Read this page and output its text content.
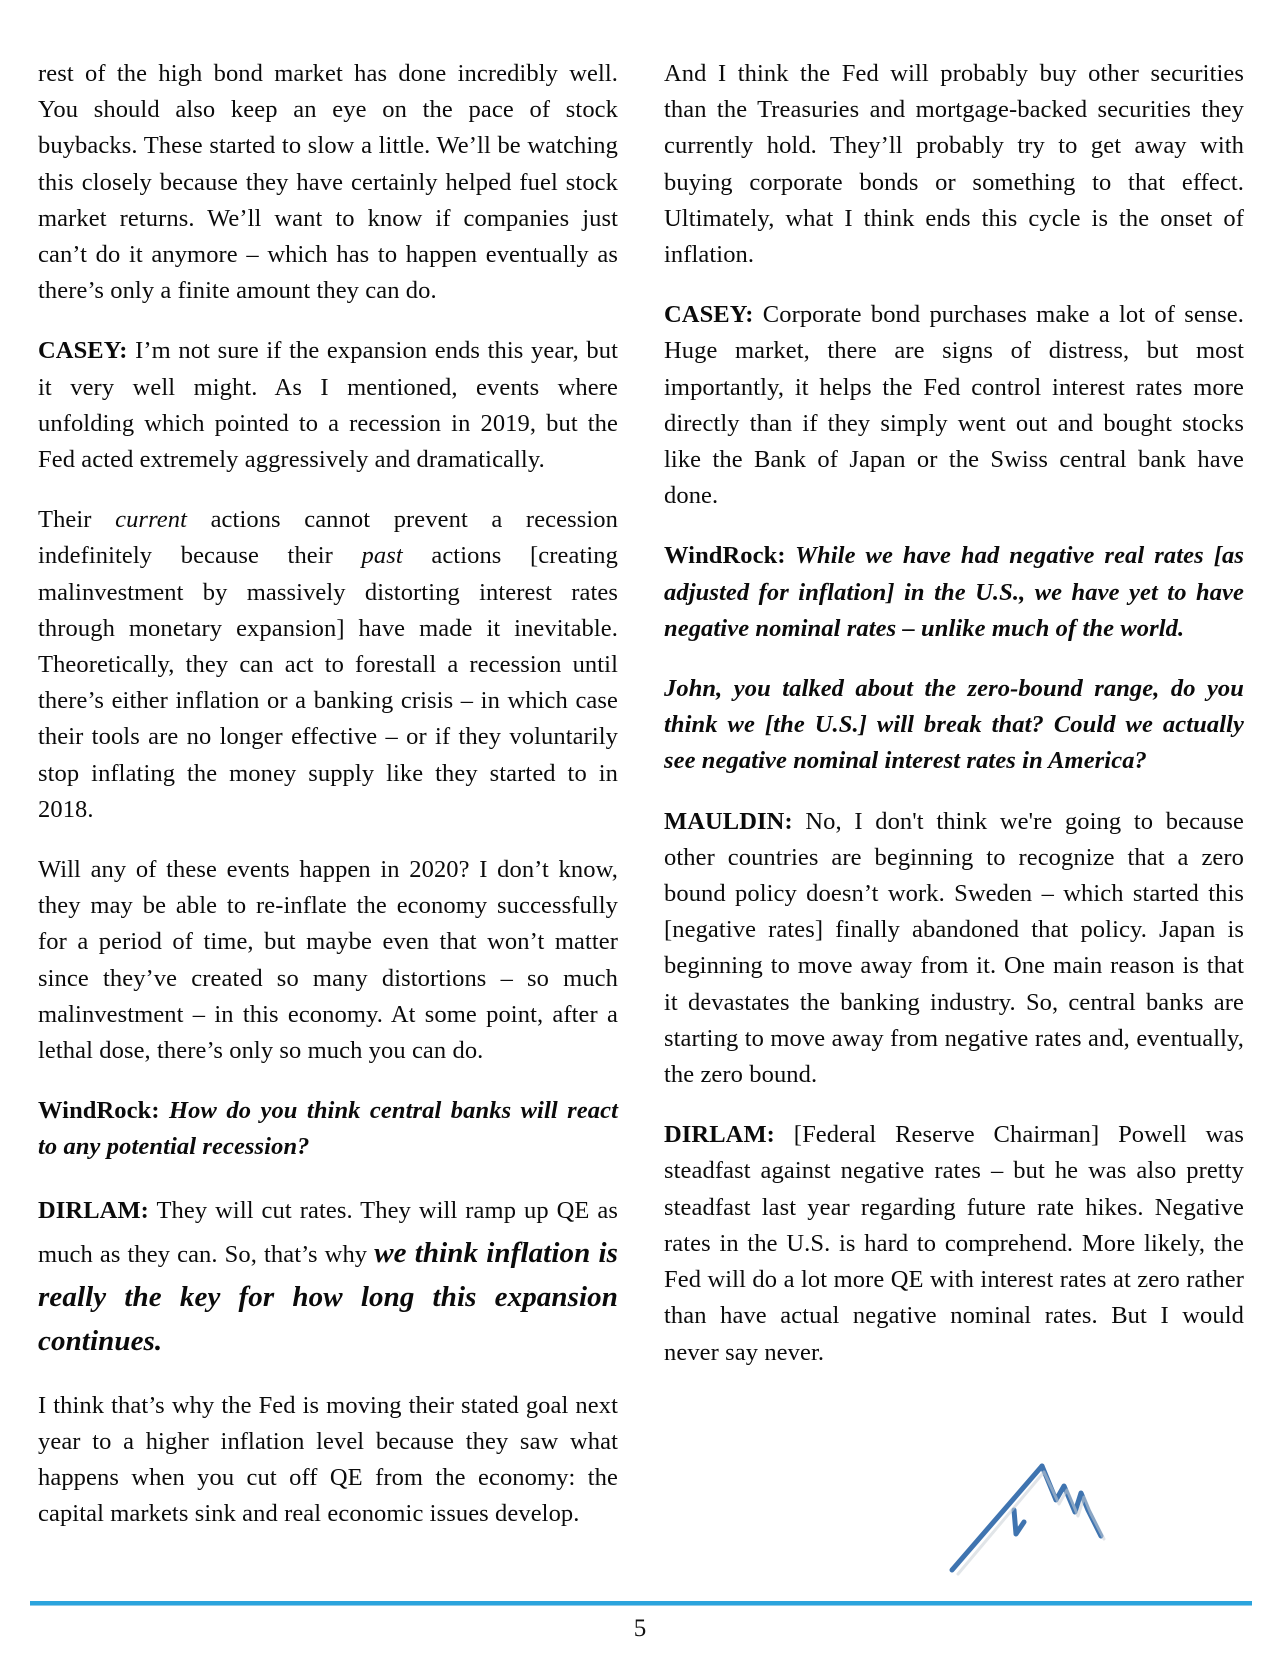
rest of the high bond market has done incredibly well. You should also keep an eye on the pace of stock buybacks. These started to slow a little. We’ll be watching this closely because they have certainly helped fuel stock market returns. We’ll want to know if companies just can’t do it anymore – which has to happen eventually as there’s only a finite amount they can do.

CASEY: I’m not sure if the expansion ends this year, but it very well might. As I mentioned, events where unfolding which pointed to a recession in 2019, but the Fed acted extremely aggressively and dramatically.

Their current actions cannot prevent a recession indefinitely because their past actions [creating malinvestment by massively distorting interest rates through monetary expansion] have made it inevitable. Theoretically, they can act to forestall a recession until there’s either inflation or a banking crisis – in which case their tools are no longer effective – or if they voluntarily stop inflating the money supply like they started to in 2018.

Will any of these events happen in 2020? I don’t know, they may be able to re-inflate the economy successfully for a period of time, but maybe even that won’t matter since they’ve created so many distortions – so much malinvestment – in this economy. At some point, after a lethal dose, there’s only so much you can do.

WindRock: How do you think central banks will react to any potential recession?

DIRLAM: They will cut rates. They will ramp up QE as much as they can. So, that’s why we think inflation is really the key for how long this expansion continues.

I think that’s why the Fed is moving their stated goal next year to a higher inflation level because they saw what happens when you cut off QE from the economy: the capital markets sink and real economic issues develop.

And I think the Fed will probably buy other securities than the Treasuries and mortgage-backed securities they currently hold. They’ll probably try to get away with buying corporate bonds or something to that effect. Ultimately, what I think ends this cycle is the onset of inflation.

CASEY: Corporate bond purchases make a lot of sense. Huge market, there are signs of distress, but most importantly, it helps the Fed control interest rates more directly than if they simply went out and bought stocks like the Bank of Japan or the Swiss central bank have done.

WindRock: While we have had negative real rates [as adjusted for inflation] in the U.S., we have yet to have negative nominal rates – unlike much of the world.

John, you talked about the zero-bound range, do you think we [the U.S.] will break that? Could we actually see negative nominal interest rates in America?

MAULDIN: No, I don't think we're going to because other countries are beginning to recognize that a zero bound policy doesn’t work. Sweden – which started this [negative rates] finally abandoned that policy. Japan is beginning to move away from it. One main reason is that it devastates the banking industry. So, central banks are starting to move away from negative rates and, eventually, the zero bound.

DIRLAM: [Federal Reserve Chairman] Powell was steadfast against negative rates – but he was also pretty steadfast last year regarding future rate hikes. Negative rates in the U.S. is hard to comprehend. More likely, the Fed will do a lot more QE with interest rates at zero rather than have actual negative nominal rates. But I would never say never.

5
